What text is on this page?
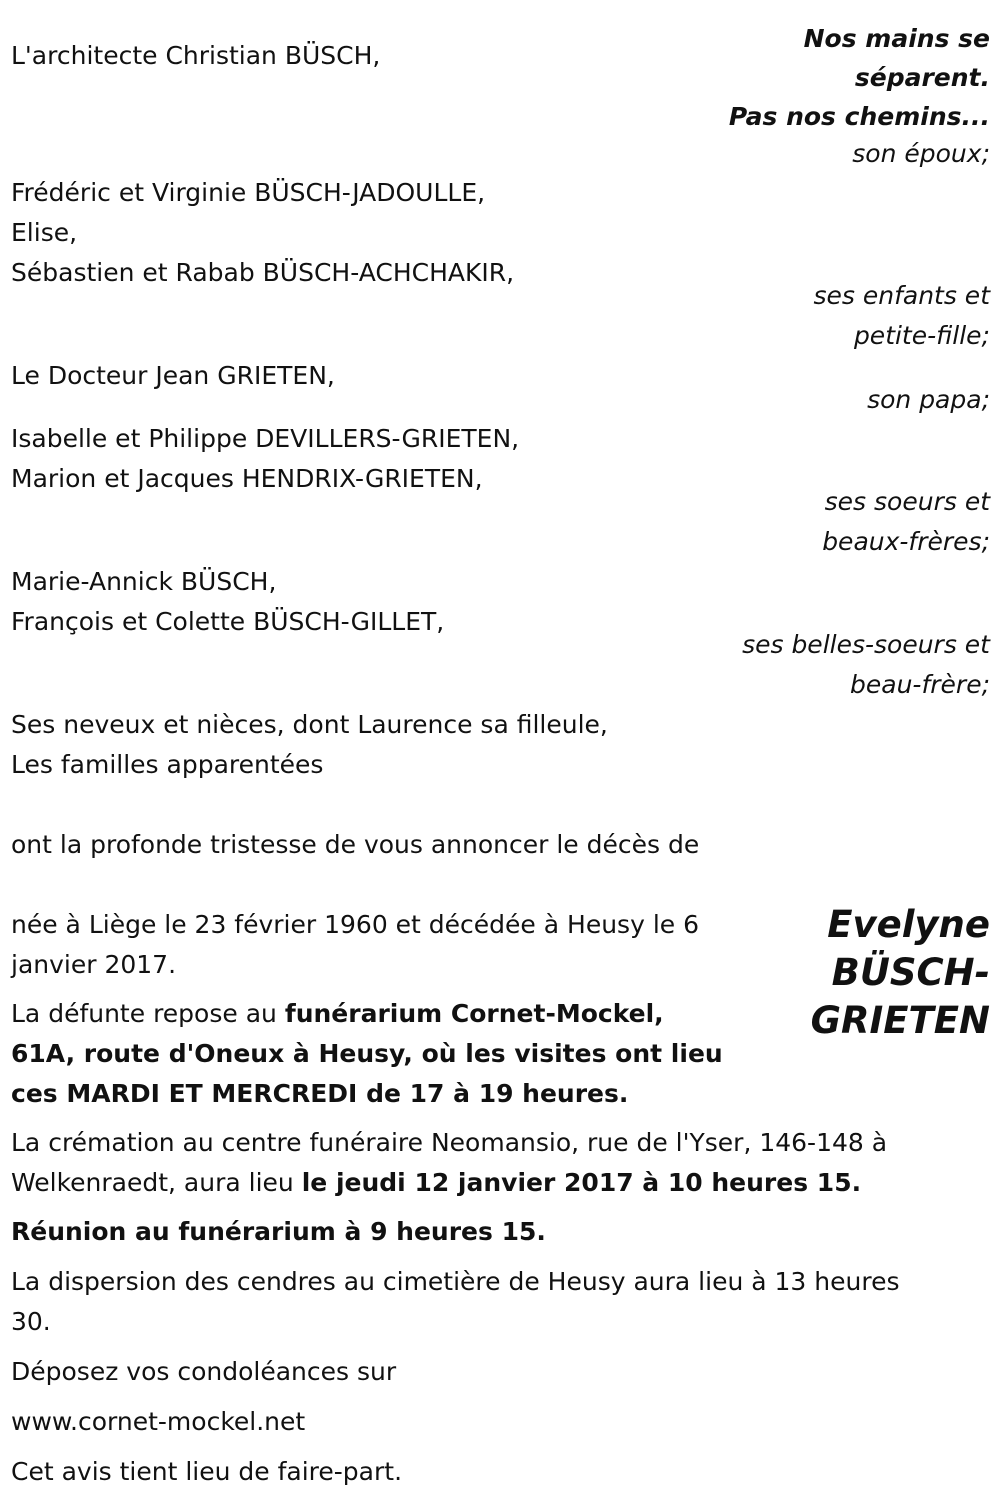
Nos mains se
séparent.
Pas nos chemins...
L'architecte Christian BÜSCH,
son époux;
Frédéric et Virginie BÜSCH-JADOULLE,
Elise,
Sébastien et Rabab BÜSCH-ACHCHAKIR,
ses enfants et
petite-fille;
Le Docteur Jean GRIETEN,
son papa;
Isabelle et Philippe DEVILLERS-GRIETEN,
Marion et Jacques HENDRIX-GRIETEN,
ses soeurs et
beaux-frères;
Marie-Annick BÜSCH,
François et Colette BÜSCH-GILLET,
ses belles-soeurs et
beau-frère;
Ses neveux et nièces, dont Laurence sa filleule,
Les familles apparentées
ont la profonde tristesse de vous annoncer le décès de
Evelyne
BÜSCH-
GRIETEN
née à Liège le 23 février 1960 et décédée à Heusy le 6
janvier 2017.
La défunte repose au funérarium Cornet-Mockel,
61A, route d'Oneux à Heusy, où les visites ont lieu
ces MARDI ET MERCREDI de 17 à 19 heures.
La crémation au centre funéraire Neomansio, rue de l'Yser, 146-148 à
Welkenraedt, aura lieu le jeudi 12 janvier 2017 à 10 heures 15.
Réunion au funérarium à 9 heures 15.
La dispersion des cendres au cimetière de Heusy aura lieu à 13 heures
30.
Déposez vos condoléances sur
www.cornet-mockel.net
Cet avis tient lieu de faire-part.
